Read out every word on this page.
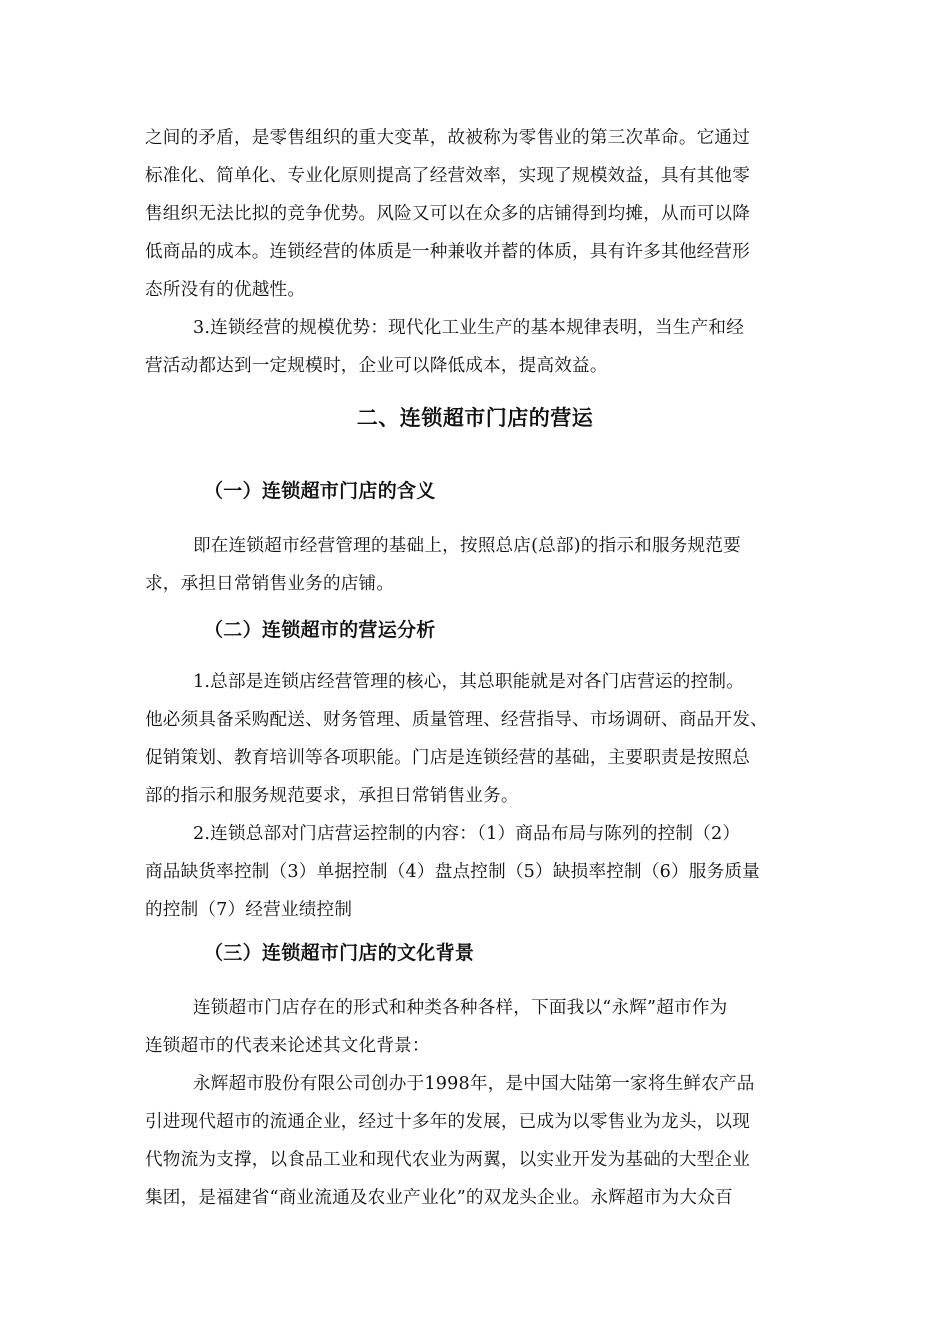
之间的矛盾，是零售组织的重大变革，故被称为零售业的第三次革命。它通过
标准化、简单化、专业化原则提高了经营效率，实现了规模效益，具有其他零
售组织无法比拟的竞争优势。风险又可以在众多的店铺得到均摊，从而可以降
低商品的成本。连锁经营的体质是一种兼收并蓄的体质，具有许多其他经营形
态所没有的优越性。
3.连锁经营的规模优势：现代化工业生产的基本规律表明，当生产和经
营活动都达到一定规模时，企业可以降低成本，提高效益。
二、连锁超市门店的营运
（一）连锁超市门店的含义
即在连锁超市经营管理的基础上，按照总店(总部)的指示和服务规范要
求，承担日常销售业务的店铺。
（二）连锁超市的营运分析
1.总部是连锁店经营管理的核心，其总职能就是对各门店营运的控制。
他必须具备采购配送、财务管理、质量管理、经营指导、市场调研、商品开发、
促销策划、教育培训等各项职能。门店是连锁经营的基础，主要职责是按照总
部的指示和服务规范要求，承担日常销售业务。
2.连锁总部对门店营运控制的内容：（1）商品布局与陈列的控制（2）
商品缺货率控制（3）单据控制（4）盘点控制（5）缺损率控制（6）服务质量
的控制（7）经营业绩控制
（三）连锁超市门店的文化背景
连锁超市门店存在的形式和种类各种各样，下面我以“永辉”超市作为
连锁超市的代表来论述其文化背景：
永辉超市股份有限公司创办于1998年，是中国大陆第一家将生鲜农产品
引进现代超市的流通企业，经过十多年的发展，已成为以零售业为龙头，以现
代物流为支撑，以食品工业和现代农业为两翼，以实业开发为基础的大型企业
集团，是福建省“商业流通及农业产业化”的双龙头企业。永辉超市为大众百
